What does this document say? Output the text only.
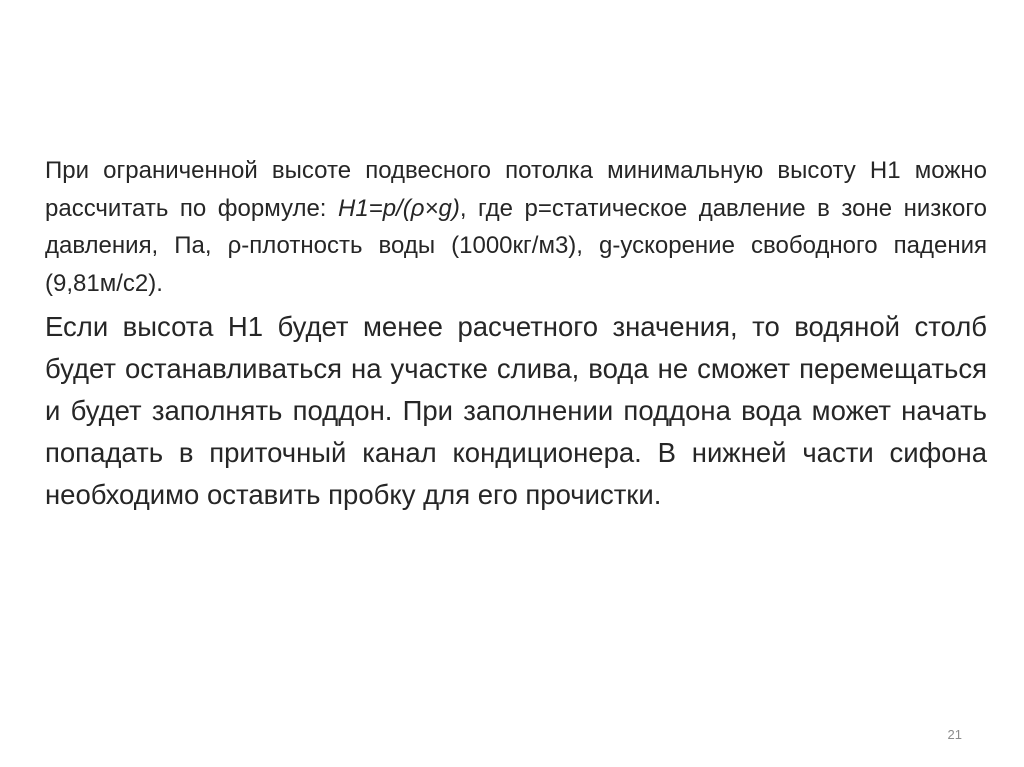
При ограниченной высоте подвесного потолка минимальную высоту Н1 можно рассчитать по формуле: Н1=р/(ρ×g), где р=статическое давление в зоне низкого давления, Па, ρ-плотность воды (1000кг/м3), g-ускорение свободного падения (9,81м/с2).

Если высота Н1 будет менее расчетного значения, то водяной столб будет останавливаться на участке слива, вода не сможет перемещаться и будет заполнять поддон. При заполнении поддона вода может начать попадать в приточный канал кондиционера. В нижней части сифона необходимо оставить пробку для его прочистки.

21
